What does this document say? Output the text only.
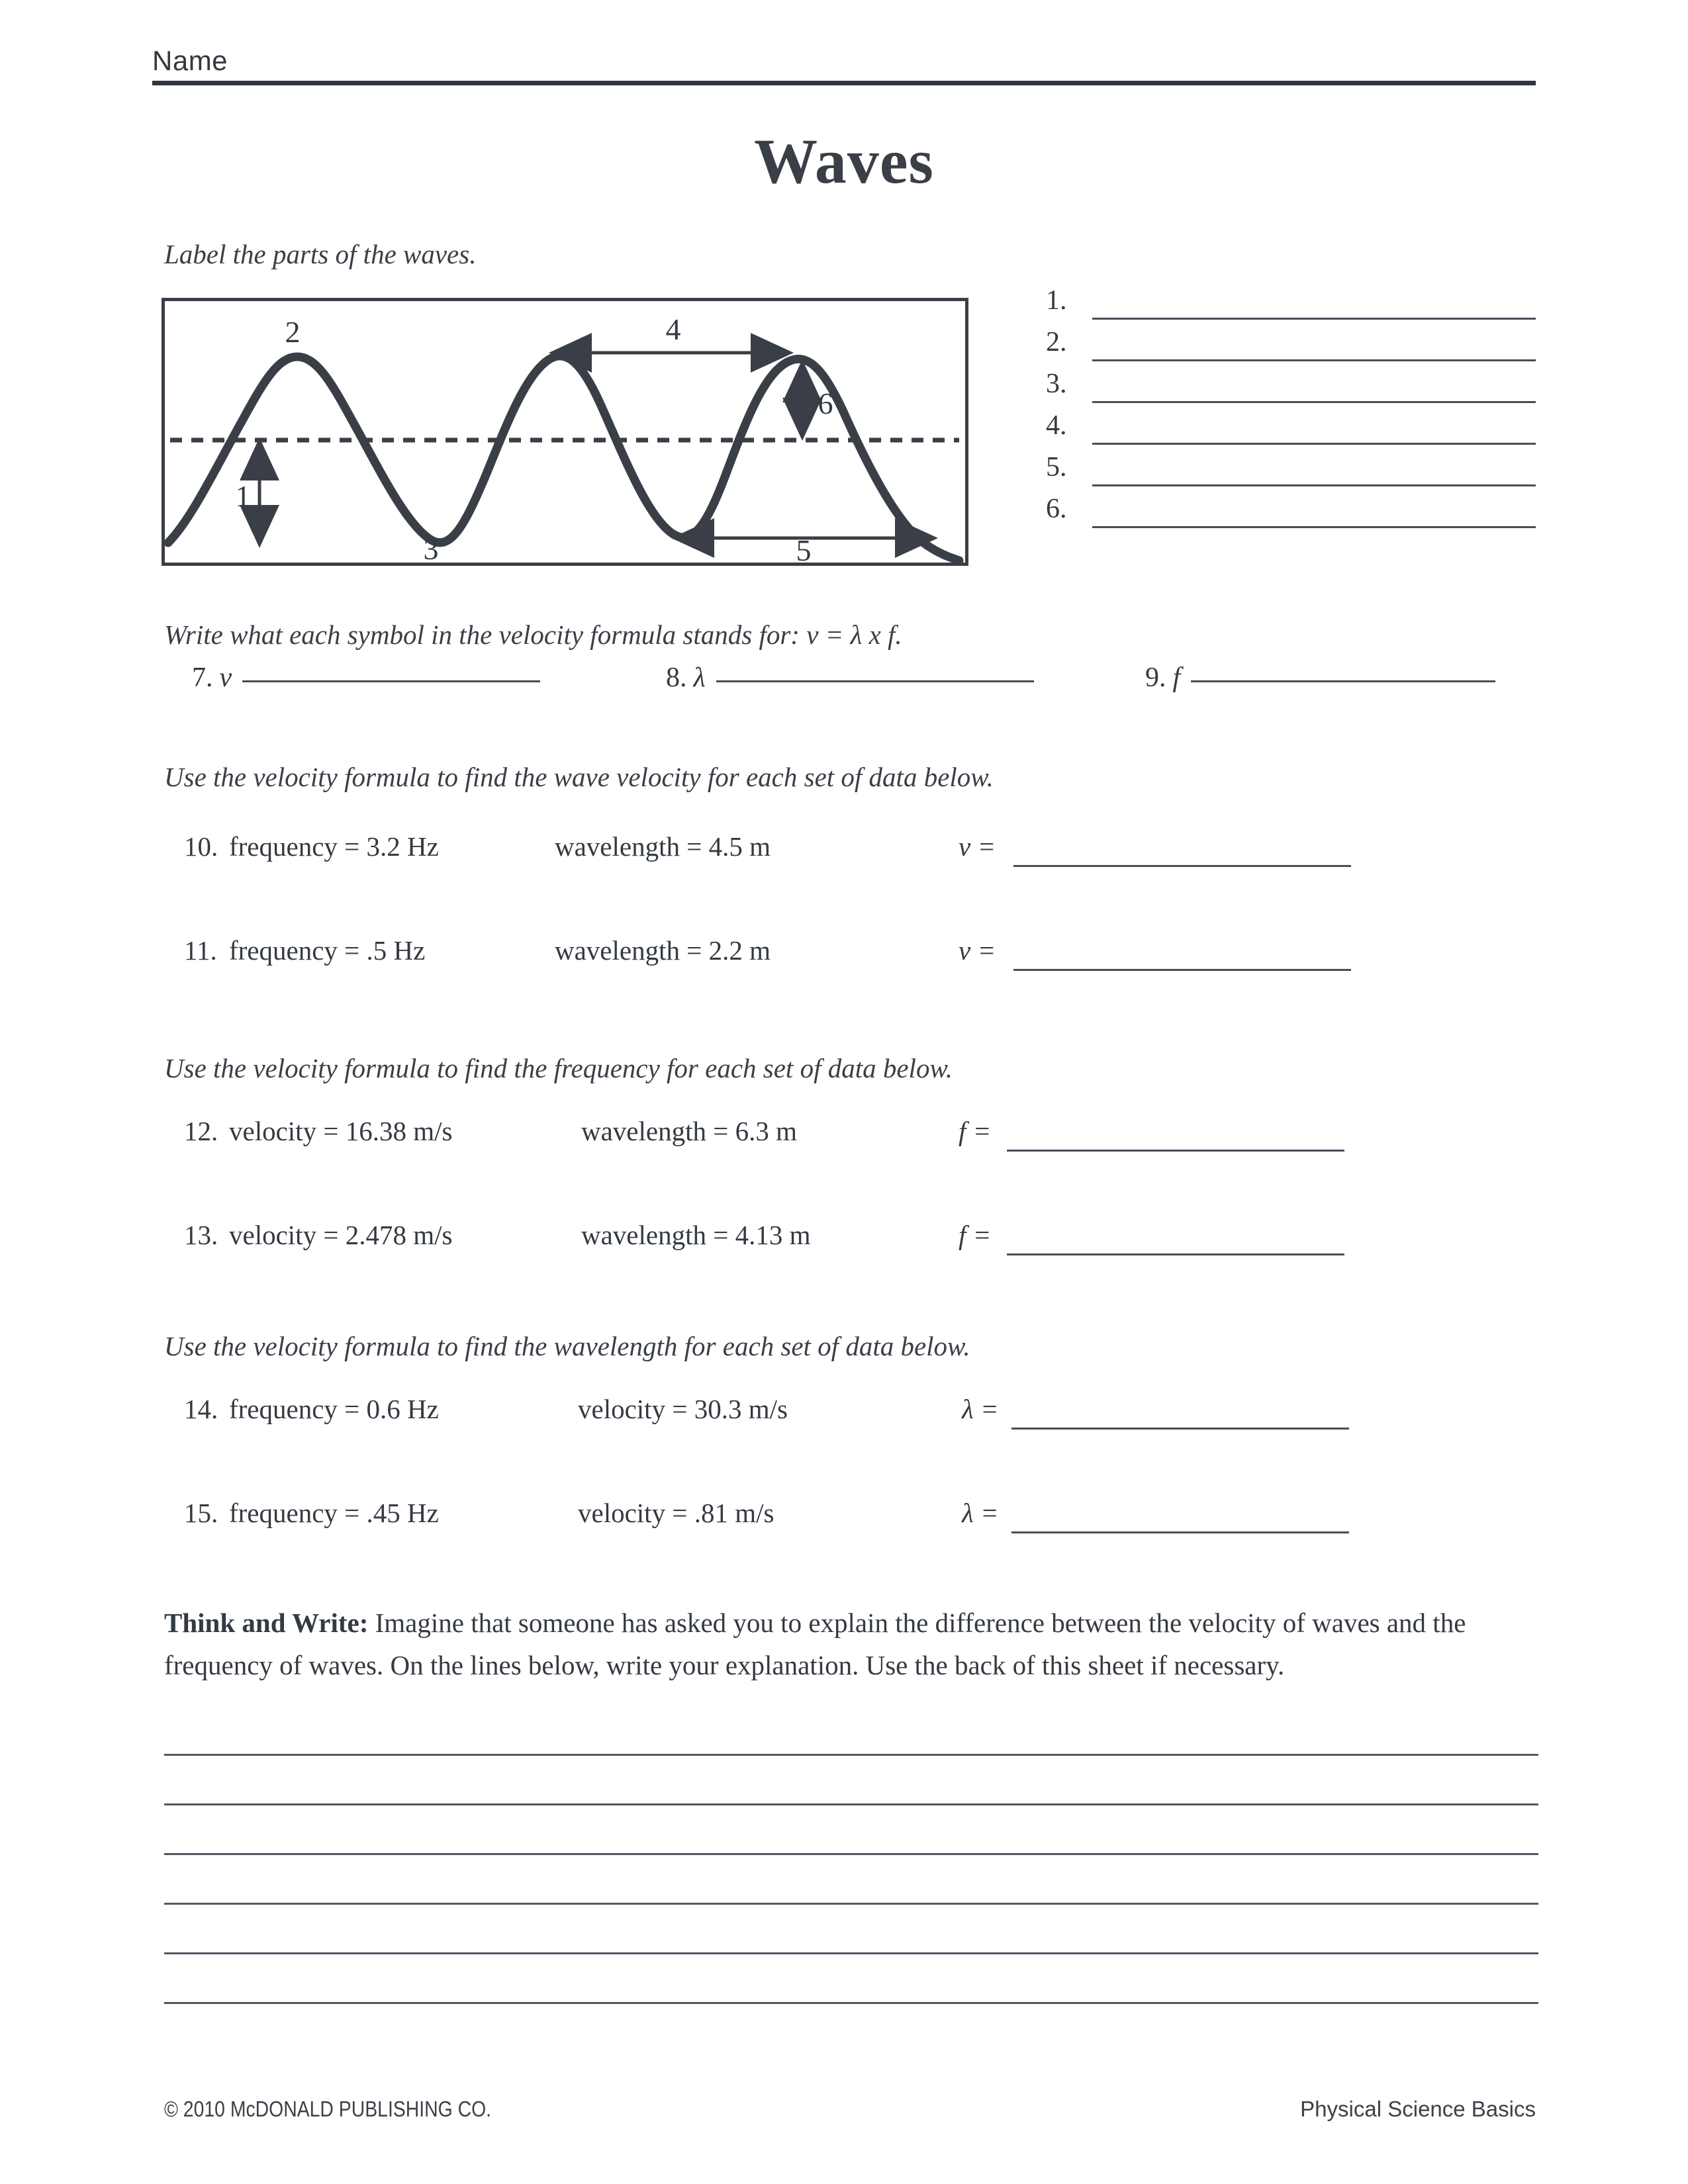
Name
Waves
Label the parts of the waves.
2
3
1
4
5
6
1.
2.
3.
4.
5.
6.
Write what each symbol in the velocity formula stands for: v = λ x f.
7. v	8. λ	9. f
Use the velocity formula to find the wave velocity for each set of data below.
10. frequency = 3.2 Hz	wavelength = 4.5 m	v =
11. frequency = .5 Hz	wavelength = 2.2 m	v =
Use the velocity formula to find the frequency for each set of data below.
12. velocity = 16.38 m/s	wavelength = 6.3 m	f =
13. velocity = 2.478 m/s	wavelength = 4.13 m	f =
Use the velocity formula to find the wavelength for each set of data below.
14. frequency = 0.6 Hz	velocity = 30.3 m/s	λ =
15. frequency = .45 Hz	velocity = .81 m/s	λ =
Think and Write: Imagine that someone has asked you to explain the difference between the velocity of waves and the frequency of waves. On the lines below, write your explanation. Use the back of this sheet if necessary.
© 2010 McDONALD PUBLISHING CO.	Physical Science Basics
